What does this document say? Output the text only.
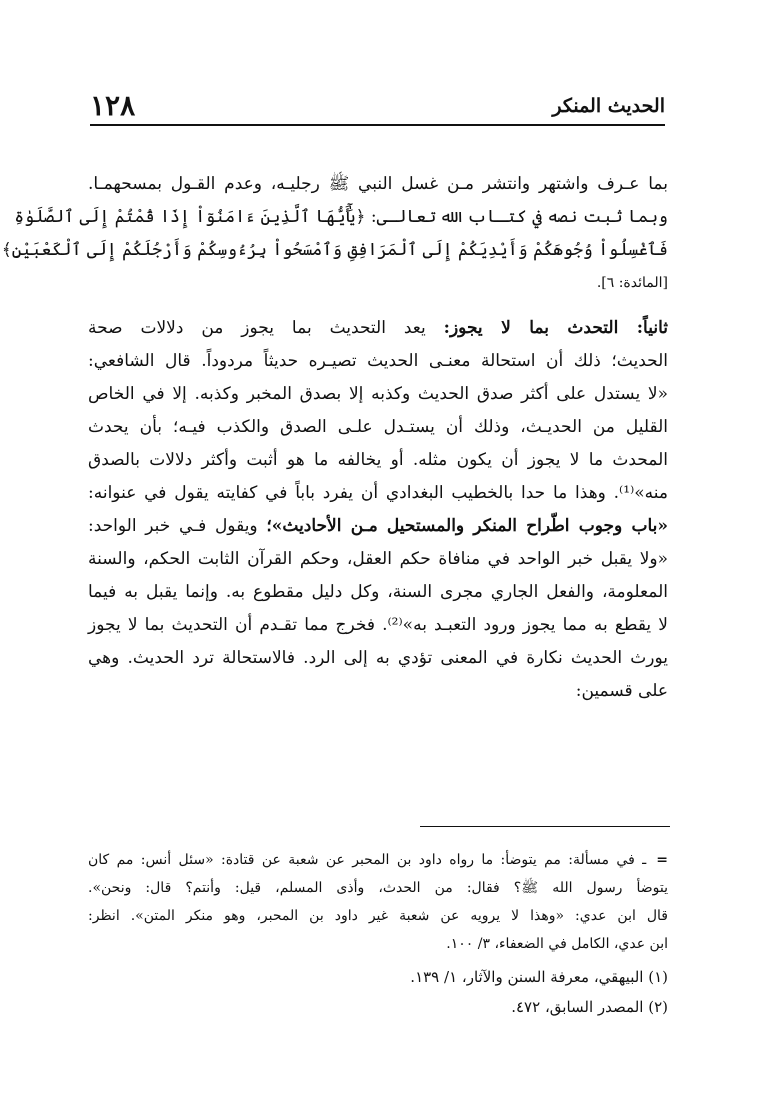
١٢٨	الحديث المنكر
بما عـرف واشتهر وانتشر مـن غسل النبي ﷺ رجليـه، وعدم القـول بمسحهمـا.
وبما ثبت نصه في كتـاب الله تعالـى: ﴿يَٰٓأَيُّهَا ٱلَّذِينَ ءَامَنُوٓاْ إِذَا قُمْتُمْ إِلَى ٱلصَّلَوٰةِ
فَٱغْسِلُواْ وُجُوهَكُمْ وَأَيْدِيَكُمْ إِلَى ٱلْمَرَافِقِ وَٱمْسَحُواْ بِرُءُوسِكُمْ وَأَرْجُلَكُمْ إِلَى ٱلْكَعْبَيْنِ﴾
[المائدة: ٦].
ثانياً: التحدث بما لا يجوز: يعد التحديث بما يجوز من دلالات صحة
الحديث؛ ذلك أن استحالة معنـى الحديث تصيـره حديثاً مردوداً. قال الشافعي:
«لا يستدل على أكثر صدق الحديث وكذبه إلا بصدق المخبر وكذبه. إلا في الخاص
القليل من الحديـث، وذلك أن يستـدل علـى الصدق والكذب فيـه؛ بأن يحدث
المحدث ما لا يجوز أن يكون مثله. أو يخالفه ما هو أثبت وأكثر دلالات بالصدق
منه»⁽¹⁾. وهذا ما حدا بالخطيب البغدادي أن يفرد باباً في كفايته يقول في عنوانه:
«باب وجوب اطّراح المنكر والمستحيل مـن الأحاديث»؛ ويقول فـي خبر الواحد:
«ولا يقبل خبر الواحد في منافاة حكم العقل، وحكم القرآن الثابت الحكم، والسنة
المعلومة، والفعل الجاري مجرى السنة، وكل دليل مقطوع به. وإنما يقبل به فيما
لا يقطع به مما يجوز ورود التعبـد به»⁽²⁾. فخرج مما تقـدم أن التحديث بما لا يجوز
يورث الحديث نكارة في المعنى تؤدي به إلى الرد. فالاستحالة ترد الحديث. وهي
على قسمين:
=ـ في مسألة: مم يتوضأ: ما رواه داود بن المحبر عن شعبة عن قتادة: «سئل أنس: مم كان
يتوضأ رسول الله ﷺ؟ فقال: من الحدث، وأذى المسلم، قيل: وأنتم؟ قال: ونحن».
قال ابن عدي: «وهذا لا يرويه عن شعبة غير داود بن المحبر، وهو منكر المتن». انظر:
ابن عدي، الكامل في الضعفاء، ٣/ ١٠٠.
(١) البيهقي، معرفة السنن والآثار، ١/ ١٣٩.
(٢) المصدر السابق، ٤٧٢.
